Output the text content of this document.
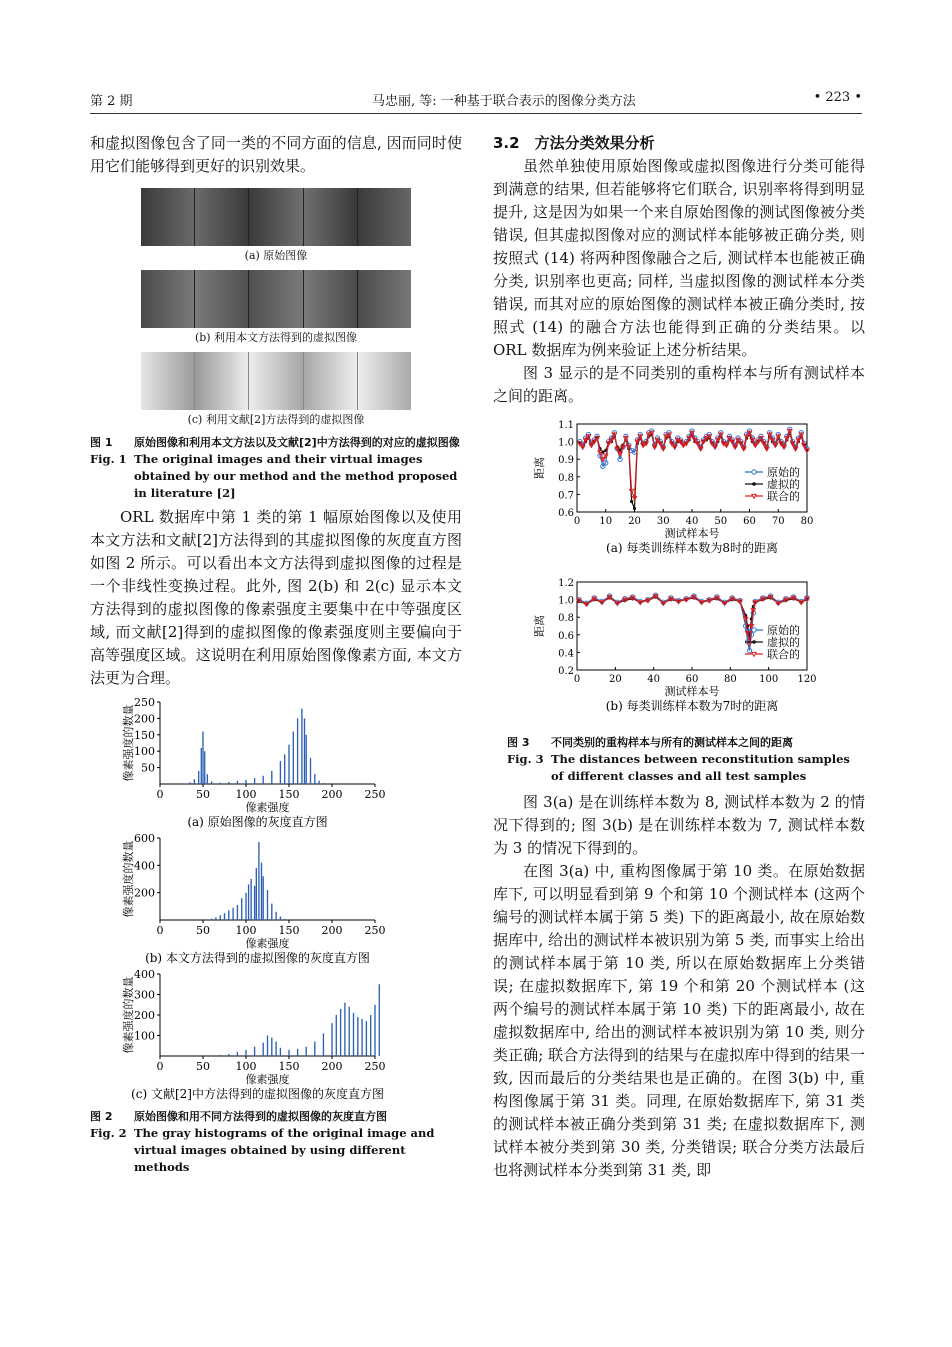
第 2 期	马忠丽, 等: 一种基于联合表示的图像分类方法	• 223 •

和虚拟图像包含了同一类的不同方面的信息, 因而同时使用它们能够得到更好的识别效果。

(a) 原始图像
(b) 利用本文方法得到的虚拟图像
(c) 利用文献[2]方法得到的虚拟图像
图 1	原始图像和利用本文方法以及文献[2]中方法得到的对应的虚拟图像
Fig. 1 The original images and their virtual images obtained by our method and the method proposed in literature [2]

ORL 数据库中第 1 类的第 1 幅原始图像以及使用本文方法和文献[2]方法得到的其虚拟图像的灰度直方图如图 2 所示。可以看出本文方法得到虚拟图像的过程是一个非线性变换过程。此外, 图 2(b) 和 2(c) 显示本文方法得到的虚拟图像的像素强度主要集中在中等强度区域, 而文献[2]得到的虚拟图像的像素强度则主要偏向于高等强度区域。这说明在利用原始图像像素方面, 本文方法更为合理。

50
100
150
200
250
0	50 100 150 200 250
像素强度
(a) 原始图像的灰度直方图
像素强度的数量
200
400
600
0	50 100 150 200 250
像素强度
(b) 本文方法得到的虚拟图像的灰度直方图
像素强度的数量
100
200
300
400
0	50 100 150 200 250
像素强度
(c) 文献[2]中方法得到的虚拟图像的灰度直方图
像素强度的数量
图 2	原始图像和用不同方法得到的虚拟图像的灰度直方图
Fig. 2 The gray histograms of the original image and virtual images obtained by using different methods
3.2　方法分类效果分析

虽然单独使用原始图像或虚拟图像进行分类可能得到满意的结果, 但若能够将它们联合, 识别率将得到明显提升, 这是因为如果一个来自原始图像的测试图像被分类错误, 但其虚拟图像对应的测试样本能够被正确分类, 则按照式 (14) 将两种图像融合之后, 测试样本也能被正确分类, 识别率也更高; 同样, 当虚拟图像的测试样本分类错误, 而其对应的原始图像的测试样本被正确分类时, 按照式 (14) 的融合方法也能得到正确的分类结果。以 ORL 数据库为例来验证上述分析结果。

图 3 显示的是不同类别的重构样本与所有测试样本之间的距离。

0.6
0.7
0.8
0.9
1.0
1.1
0 10 20 30 40 50 60 70 80
原始的
虚拟的
联合的
测试样本号
(a) 每类训练样本数为8时的距离
距离
0.2
0.4
0.6
0.8
1.0
1.2
0	20	40	60	80 100 120
原始的
虚拟的
联合的
测试样本号
(b) 每类训练样本数为7时的距离
距离
图 3	不同类别的重构样本与所有的测试样本之间的距离
Fig. 3 The distances between reconstitution samples of different classes and all test samples

图 3(a) 是在训练样本数为 8, 测试样本数为 2 的情况下得到的; 图 3(b) 是在训练样本数为 7, 测试样本数为 3 的情况下得到的。

在图 3(a) 中, 重构图像属于第 10 类。在原始数据库下, 可以明显看到第 9 个和第 10 个测试样本 (这两个编号的测试样本属于第 5 类) 下的距离最小, 故在原始数据库中, 给出的测试样本被识别为第 5 类, 而事实上给出的测试样本属于第 10 类, 所以在原始数据库上分类错误; 在虚拟数据库下, 第 19 个和第 20 个测试样本 (这两个编号的测试样本属于第 10 类) 下的距离最小, 故在虚拟数据库中, 给出的测试样本被识别为第 10 类, 则分类正确; 联合方法得到的结果与在虚拟库中得到的结果一致, 因而最后的分类结果也是正确的。在图 3(b) 中, 重构图像属于第 31 类。同理, 在原始数据库下, 第 31 类的测试样本被正确分类到第 31 类; 在虚拟数据库下, 测试样本被分类到第 30 类, 分类错误; 联合分类方法最后也将测试样本分类到第 31 类, 即
